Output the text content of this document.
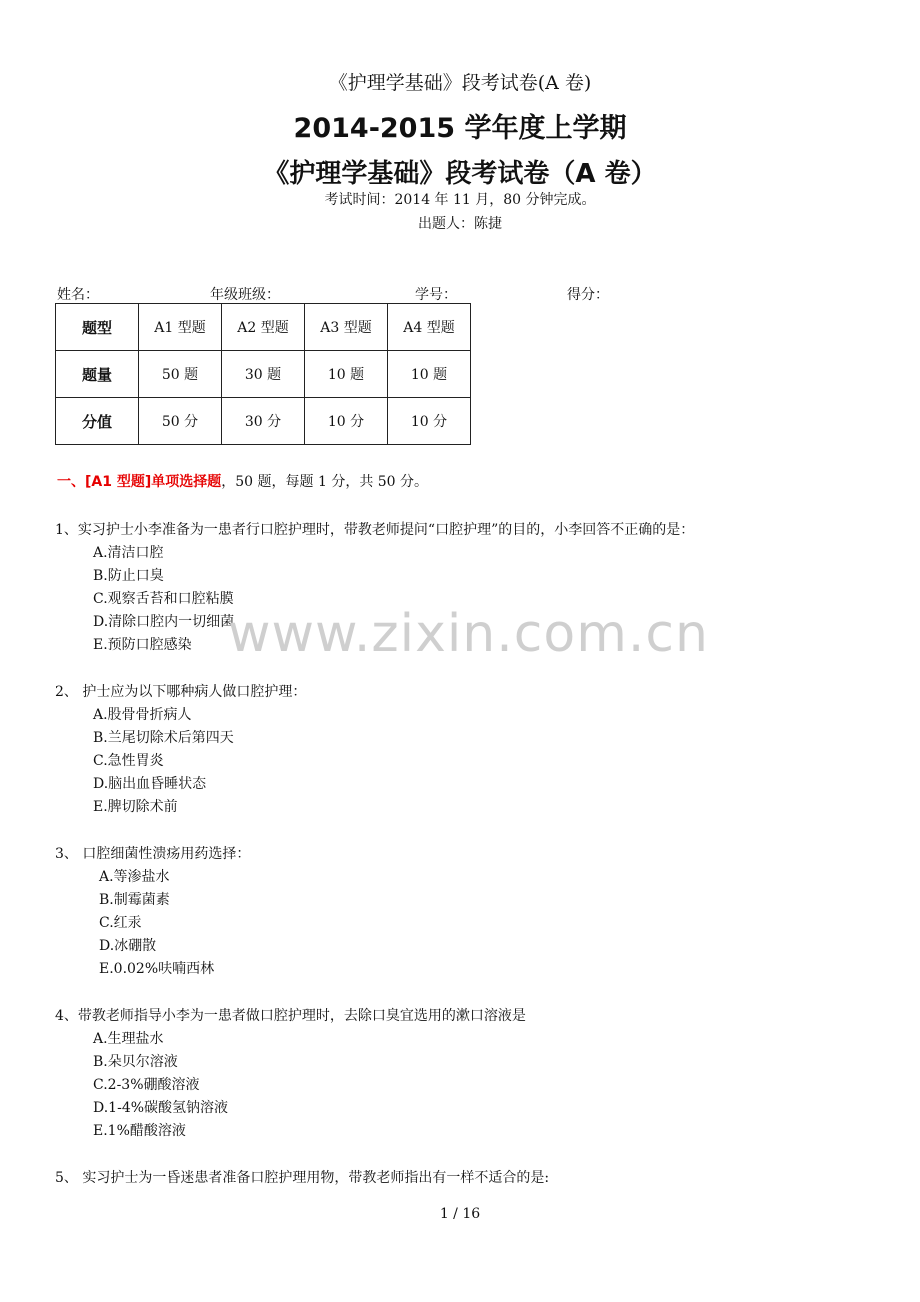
《护理学基础》段考试卷(A 卷)
2014-2015 学年度上学期
《护理学基础》段考试卷（A 卷）
考试时间：2014 年 11 月，80 分钟完成。
出题人：陈捷
姓名：	年级班级：	学号：	得分：
题型	A1 型题	A2 型题	A3 型题	A4 型题
题量	50 题	30 题	10 题	10 题
分值	50 分	30 分	10 分	10 分
一、[A1 型题]单项选择题，50 题，每题 1 分，共 50 分。
1、实习护士小李准备为一患者行口腔护理时，带教老师提问“口腔护理”的目的，小李回答不正确的是：
A.清洁口腔
B.防止口臭
C.观察舌苔和口腔粘膜
D.清除口腔内一切细菌
E.预防口腔感染
2、 护士应为以下哪种病人做口腔护理：
A.股骨骨折病人
B.兰尾切除术后第四天
C.急性胃炎
D.脑出血昏睡状态
E.脾切除术前
3、 口腔细菌性溃疡用药选择：
A.等渗盐水
B.制霉菌素
C.红汞
D.冰硼散
E.0.02%呋喃西林
4、带教老师指导小李为一患者做口腔护理时，去除口臭宜选用的漱口溶液是
A.生理盐水
B.朵贝尔溶液
C.2-3%硼酸溶液
D.1-4%碳酸氢钠溶液
E.1%醋酸溶液
5、 实习护士为一昏迷患者准备口腔护理用物，带教老师指出有一样不适合的是:
www.zixin.com.cn
1 / 16
